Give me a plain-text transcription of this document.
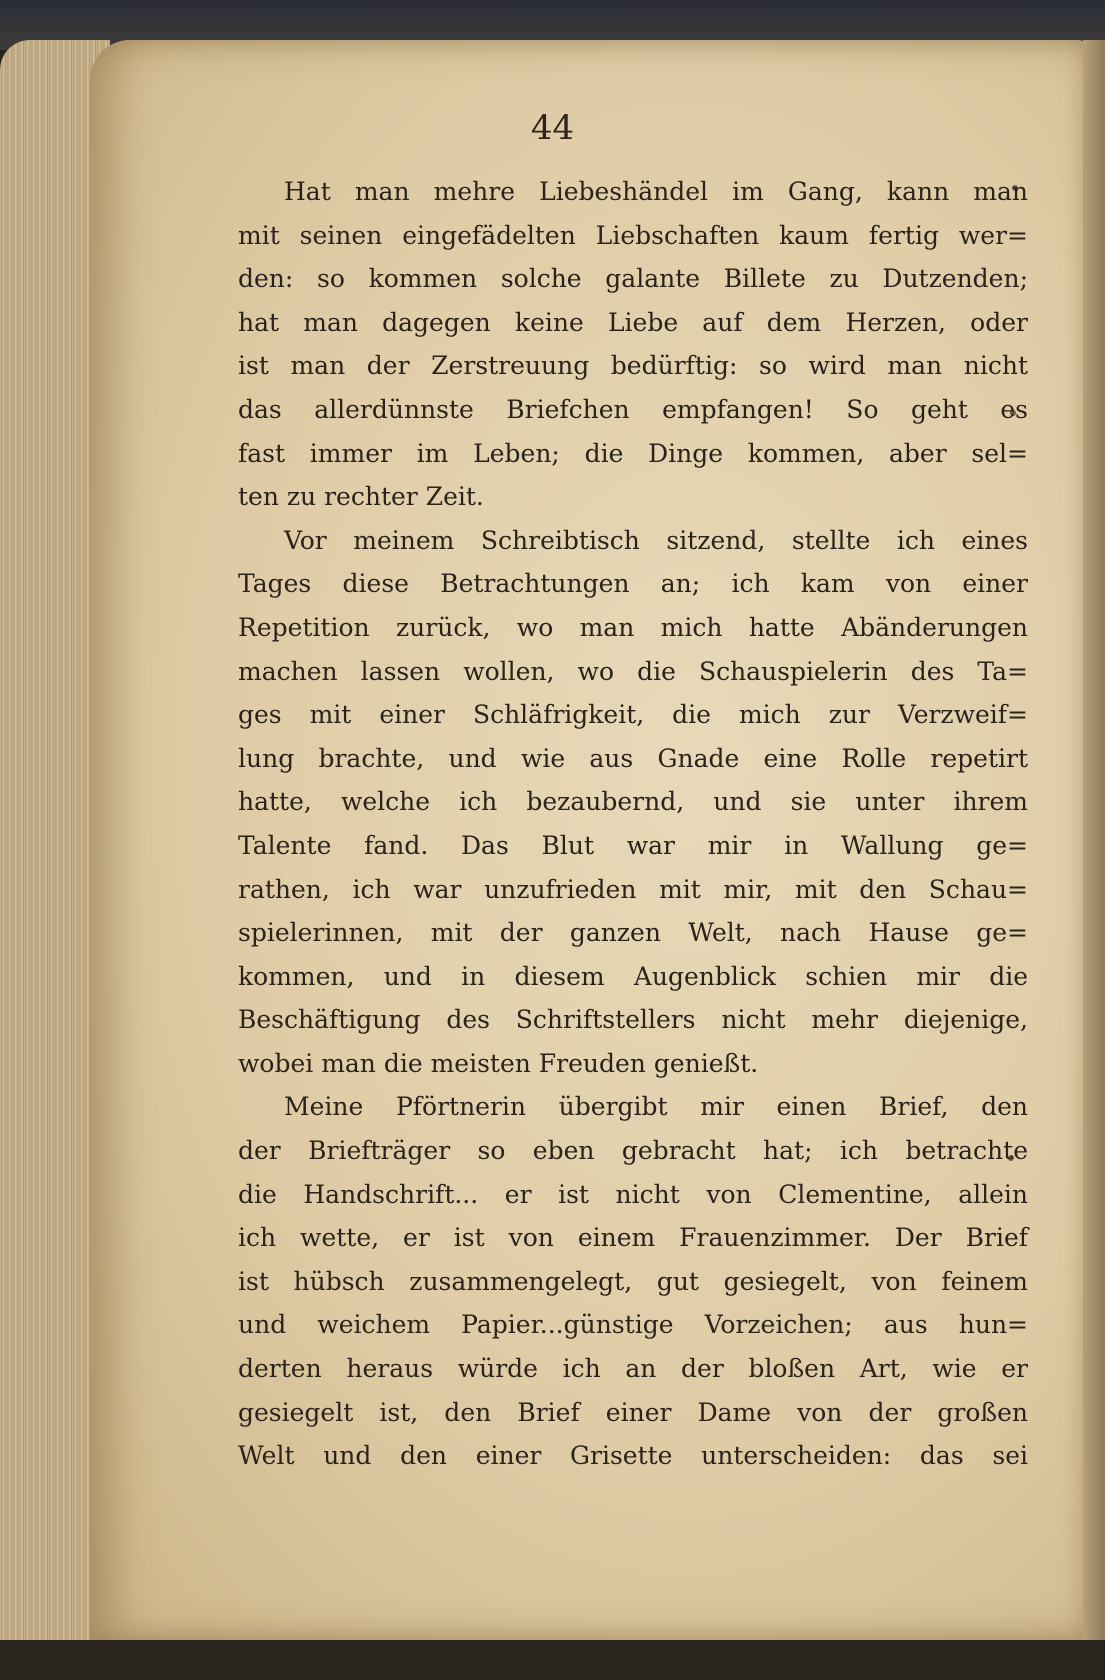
44
Hat man mehre Liebeshändel im Gang, kann man
mit seinen eingefädelten Liebschaften kaum fertig wer=
den: so kommen solche galante Billete zu Dutzenden;
hat man dagegen keine Liebe auf dem Herzen, oder
ist man der Zerstreuung bedürftig: so wird man nicht
das allerdünnste Briefchen empfangen! So geht es
fast immer im Leben; die Dinge kommen, aber sel=
ten zu rechter Zeit.
Vor meinem Schreibtisch sitzend, stellte ich eines
Tages diese Betrachtungen an; ich kam von einer
Repetition zurück, wo man mich hatte Abänderungen
machen lassen wollen, wo die Schauspielerin des Ta=
ges mit einer Schläfrigkeit, die mich zur Verzweif=
lung brachte, und wie aus Gnade eine Rolle repetirt
hatte, welche ich bezaubernd, und sie unter ihrem
Talente fand. Das Blut war mir in Wallung ge=
rathen, ich war unzufrieden mit mir, mit den Schau=
spielerinnen, mit der ganzen Welt, nach Hause ge=
kommen, und in diesem Augenblick schien mir die
Beschäftigung des Schriftstellers nicht mehr diejenige,
wobei man die meisten Freuden genießt.
Meine Pförtnerin übergibt mir einen Brief, den
der Briefträger so eben gebracht hat; ich betrachte
die Handschrift... er ist nicht von Clementine, allein
ich wette, er ist von einem Frauenzimmer. Der Brief
ist hübsch zusammengelegt, gut gesiegelt, von feinem
und weichem Papier...günstige Vorzeichen; aus hun=
derten heraus würde ich an der bloßen Art, wie er
gesiegelt ist, den Brief einer Dame von der großen
Welt und den einer Grisette unterscheiden: das sei
